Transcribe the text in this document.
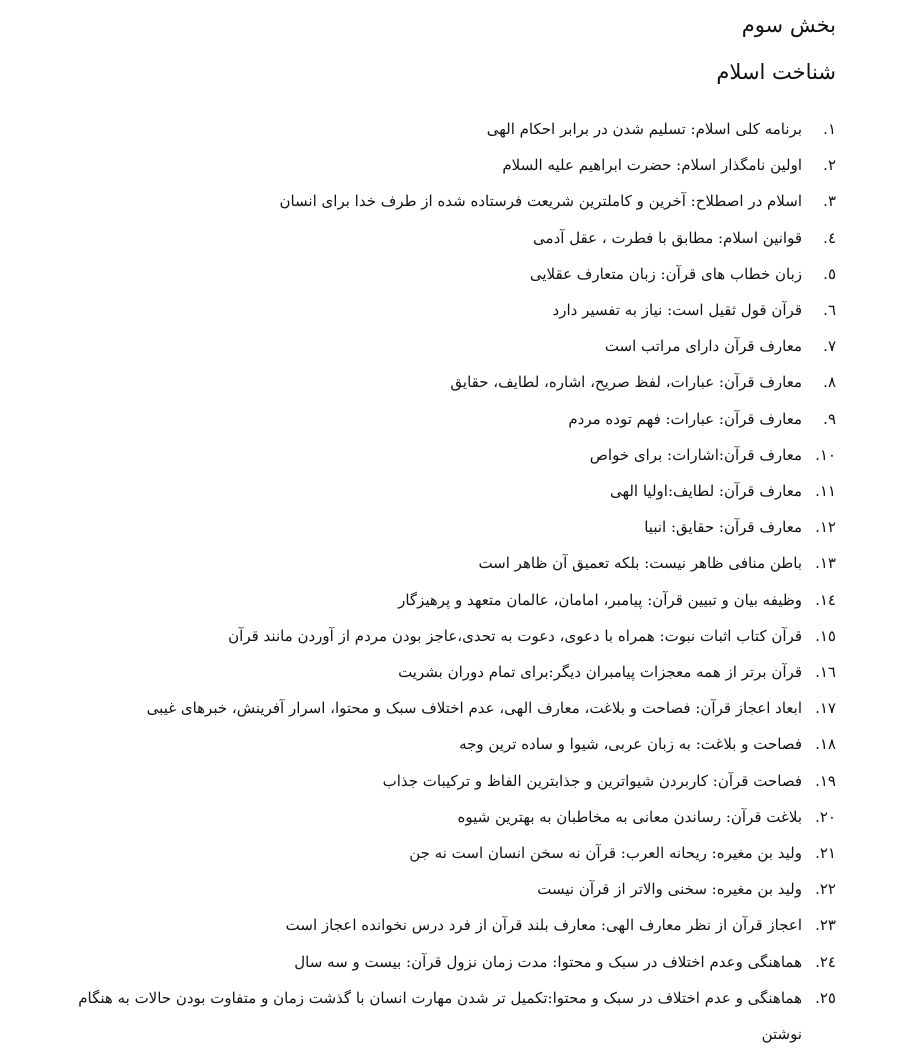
بخش سوم
شناخت اسلام
۱.
برنامه کلی اسلام: تسلیم شدن در برابر احکام الهی
۲.
اولین نامگذار اسلام: حضرت ابراهیم علیه السلام
۳.
اسلام در اصطلاح: آخرین و کاملترین شریعت فرستاده شده از طرف خدا برای انسان
٤.
قوانین اسلام: مطابق با فطرت ، عقل آدمی
٥.
زبان خطاب های قرآن: زبان متعارف عقلایی
٦.
قرآن قول ثقیل است: نیاز به تفسیر دارد
۷.
معارف قرآن دارای مراتب است
۸.
معارف قرآن: عبارات، لفظ صریح، اشاره، لطایف، حقایق
۹.
معارف قرآن: عبارات: فهم توده مردم
۱۰.
معارف قرآن:اشارات: برای خواص
۱۱.
معارف قرآن: لطایف:اولیا الهی
۱۲.
معارف قرآن: حقایق: انبیا
۱۳.
باطن منافی ظاهر نیست: بلکه تعمیق آن ظاهر است
١٤.
وظیفه بیان و تبیین قرآن: پیامبر، امامان، عالمان متعهد و پرهیزگار
١٥.
قرآن کتاب اثبات نبوت: همراه با دعوی، دعوت به تحدی،عاجز بودن مردم از آوردن مانند قرآن
١٦.
قرآن برتر از همه معجزات پیامبران دیگر:برای تمام دوران بشریت
١٧.
ابعاد اعجاز قرآن: فصاحت و بلاغت، معارف الهی، عدم اختلاف سبک و محتوا، اسرار آفرینش، خبرهای غیبی
١٨.
فصاحت و بلاغت: به زبان عربی، شیوا و ساده ترین وجه
١٩.
فصاحت قرآن: کاربردن شیواترین و جذابترین الفاظ و ترکیبات جذاب
٢٠.
بلاغت قرآن: رساندن معانی به مخاطبان به بهترین شیوه
٢١.
ولید بن مغیره: ریحانه العرب: قرآن نه سخن انسان است نه جن
٢٢.
ولید بن مغیره: سخنی والاتر از قرآن نیست
٢٣.
اعجاز قرآن از نظر معارف الهی: معارف بلند قرآن از فرد درس نخوانده اعجاز است
٢٤.
هماهنگی وعدم اختلاف در سبک و محتوا: مدت زمان نزول قرآن: بیست و سه سال
٢٥.
هماهنگی و عدم اختلاف در سبک و محتوا:تکمیل تر شدن مهارت انسان با گذشت زمان و متفاوت بودن حالات به هنگام نوشتن
